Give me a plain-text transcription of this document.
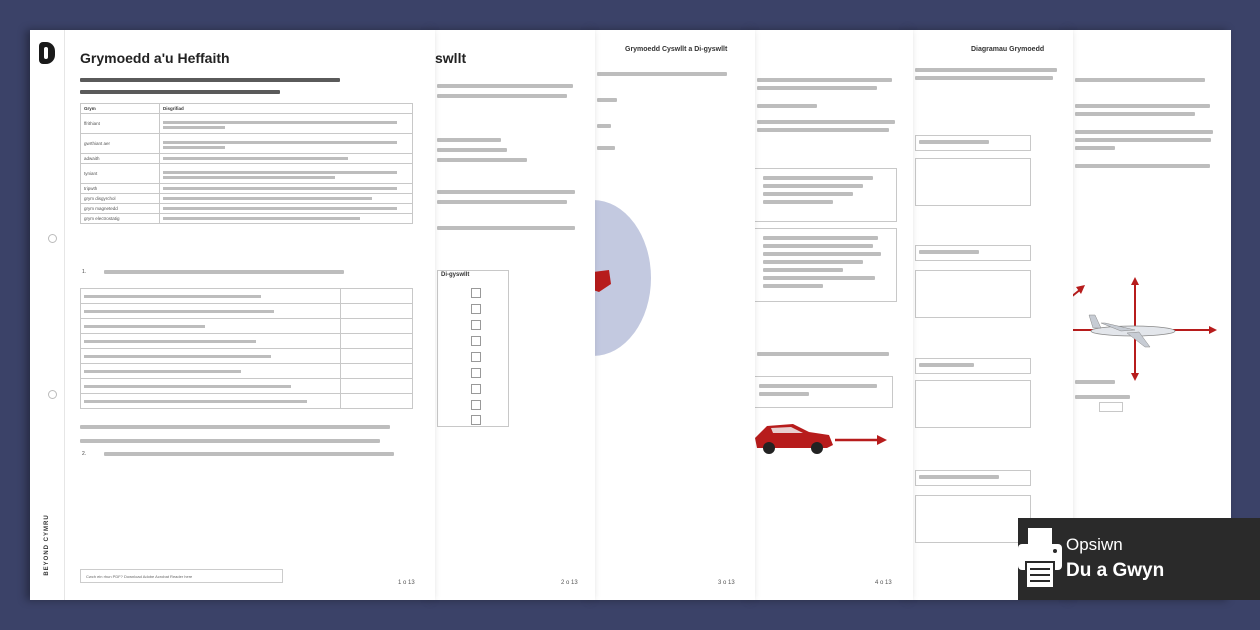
Diagramau Grymoedd
4 o 13
Grymoedd Cyswllt a Di-gyswllt
3 o 13
swllt
Di-gyswllt
2 o 13
BEYOND CYMRU
Grymoedd a'u Heffaith
Grym	Disgrifiad
ffrithiant	

gwrthiant aer	

adwaith	

tyniant	

tripwth	

grym disgyrchol	

grym magnetedd	

grym electrostatig	
1.

2.
Cwch ein rhun PDF? Download Adobe Acrobat Reader here
1 o 13
Opsiwn
Du a Gwyn
